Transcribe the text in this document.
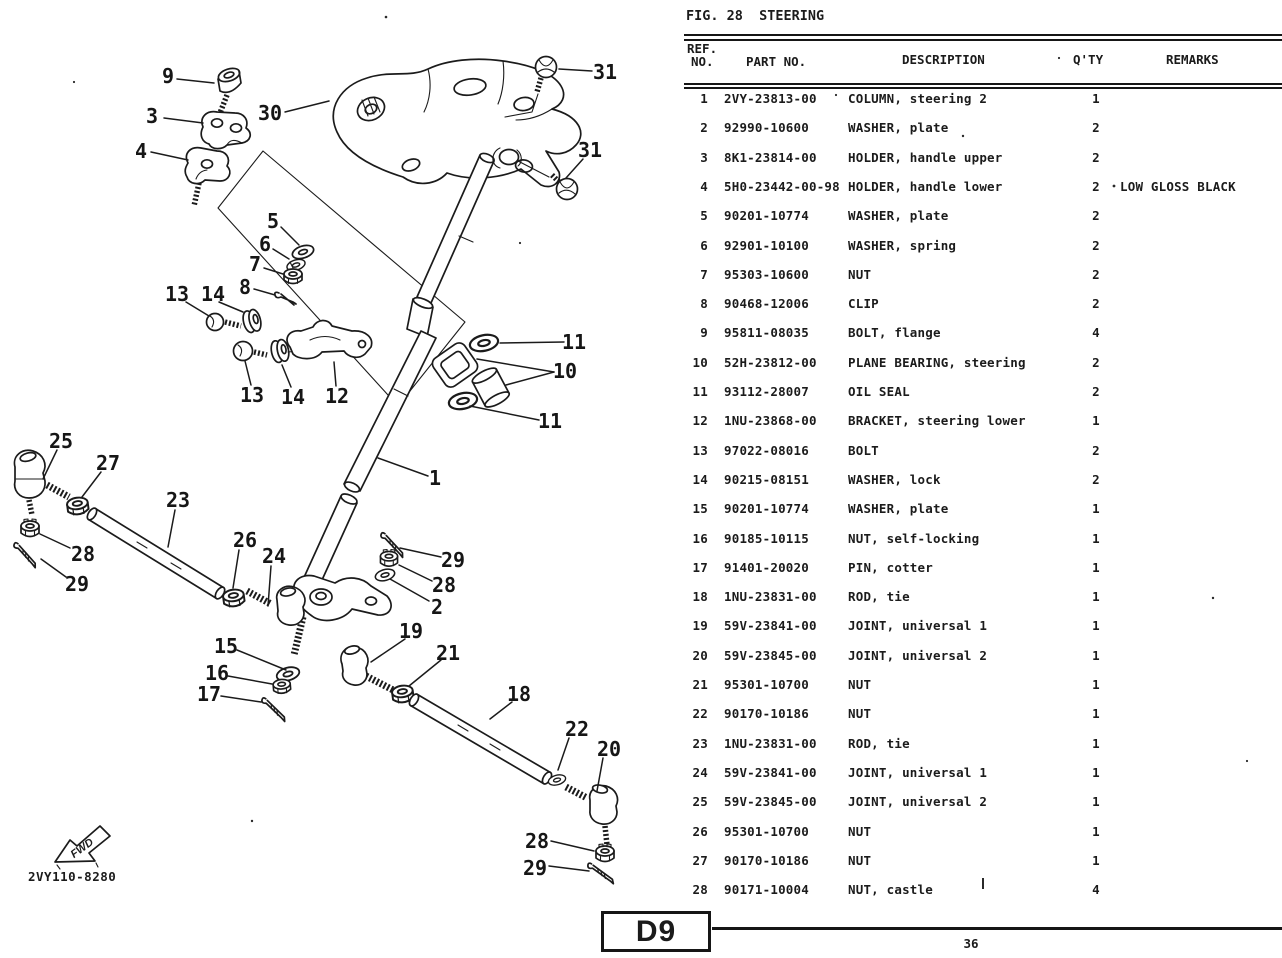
FWD
2VY110-8280
9
3
4
30
31
31
5
6
7
8
13 14
13 14 12
11
10
11
1
25
27
23
26
24
28
29
29
28
2
15
16
17
19
21
18
22
20
28
29
FIG. 28  STEERING
REF.
NO.	PART NO.	DESCRIPTION	Q'TY	REMARKS
1 2VY-23813-00	COLUMN, steering 2	1
2 92990-10600	WASHER, plate	2
3 8K1-23814-00	HOLDER, handle upper	2
4 5H0-23442-00-98 HOLDER, handle lower	2	LOW GLOSS BLACK
5 90201-10774	WASHER, plate	2
6 92901-10100	WASHER, spring	2
7 95303-10600	NUT	2
8 90468-12006	CLIP	2
9 95811-08035	BOLT, flange	4
10 52H-23812-00	PLANE BEARING, steering	2
11 93112-28007	OIL SEAL	2
12 1NU-23868-00	BRACKET, steering lower	1
13 97022-08016	BOLT	2
14 90215-08151	WASHER, lock	2
15 90201-10774	WASHER, plate	1
16 90185-10115	NUT, self-locking	1
17 91401-20020	PIN, cotter	1
18 1NU-23831-00	ROD, tie	1
19 59V-23841-00	JOINT, universal 1	1
20 59V-23845-00	JOINT, universal 2	1
21 95301-10700	NUT	1
22 90170-10186	NUT	1
23 1NU-23831-00	ROD, tie	1
24 59V-23841-00	JOINT, universal 1	1
25 59V-23845-00	JOINT, universal 2	1
26 95301-10700	NUT	1
27 90170-10186	NUT	1
28 90171-10004	NUT, castle	4
D9	36
